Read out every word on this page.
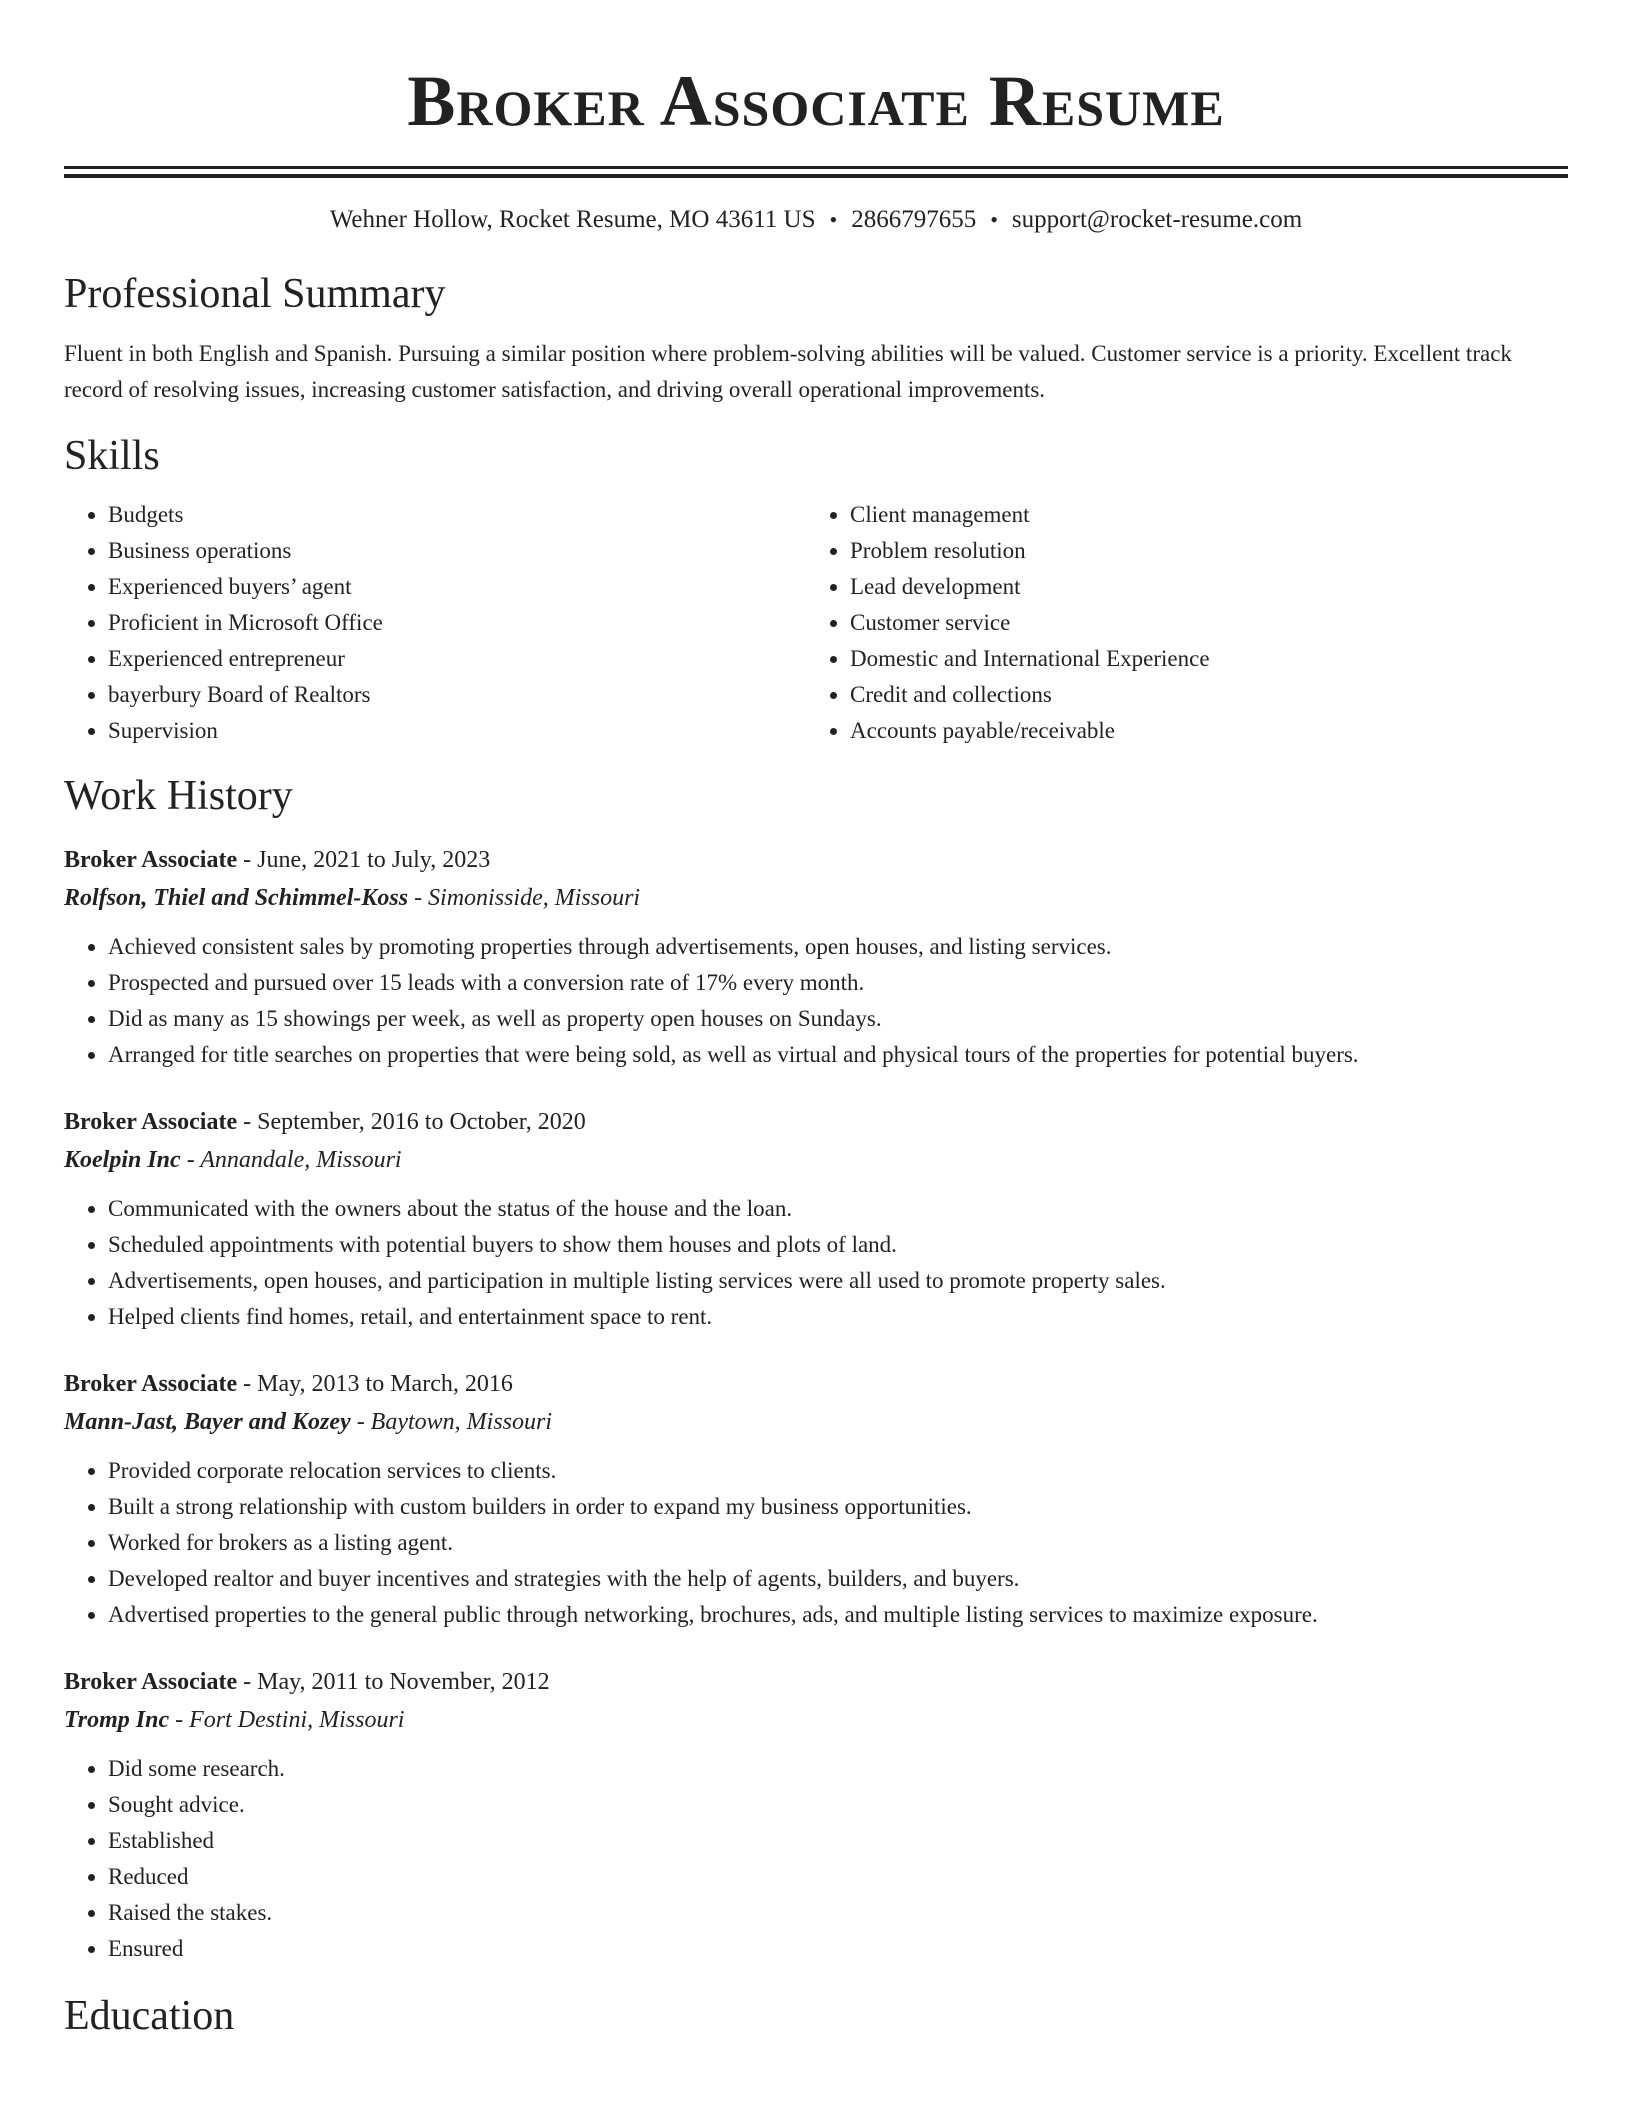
Broker Associate Resume
Wehner Hollow, Rocket Resume, MO 43611 US • 2866797655 • support@rocket-resume.com
Professional Summary

Fluent in both English and Spanish. Pursuing a similar position where problem-solving abilities will be valued. Customer service is a priority. Excellent track record of resolving issues, increasing customer satisfaction, and driving overall operational improvements.

Skills
• Budgets
• Business operations
• Experienced buyers’ agent
• Proficient in Microsoft Office
• Experienced entrepreneur
• bayerbury Board of Realtors
• Supervision
• Client management
• Problem resolution
• Lead development
• Customer service
• Domestic and International Experience
• Credit and collections
• Accounts payable/receivable
Work History
Broker Associate - June, 2021 to July, 2023
Rolfson, Thiel and Schimmel-Koss - Simonisside, Missouri
• Achieved consistent sales by promoting properties through advertisements, open houses, and listing services.
• Prospected and pursued over 15 leads with a conversion rate of 17% every month.
• Did as many as 15 showings per week, as well as property open houses on Sundays.
• Arranged for title searches on properties that were being sold, as well as virtual and physical tours of the properties for potential buyers.
Broker Associate - September, 2016 to October, 2020
Koelpin Inc - Annandale, Missouri
• Communicated with the owners about the status of the house and the loan.
• Scheduled appointments with potential buyers to show them houses and plots of land.
• Advertisements, open houses, and participation in multiple listing services were all used to promote property sales.
• Helped clients find homes, retail, and entertainment space to rent.
Broker Associate - May, 2013 to March, 2016
Mann-Jast, Bayer and Kozey - Baytown, Missouri
• Provided corporate relocation services to clients.
• Built a strong relationship with custom builders in order to expand my business opportunities.
• Worked for brokers as a listing agent.
• Developed realtor and buyer incentives and strategies with the help of agents, builders, and buyers.
• Advertised properties to the general public through networking, brochures, ads, and multiple listing services to maximize exposure.
Broker Associate - May, 2011 to November, 2012
Tromp Inc - Fort Destini, Missouri
• Did some research.
• Sought advice.
• Established
• Reduced
• Raised the stakes.
• Ensured
Education
